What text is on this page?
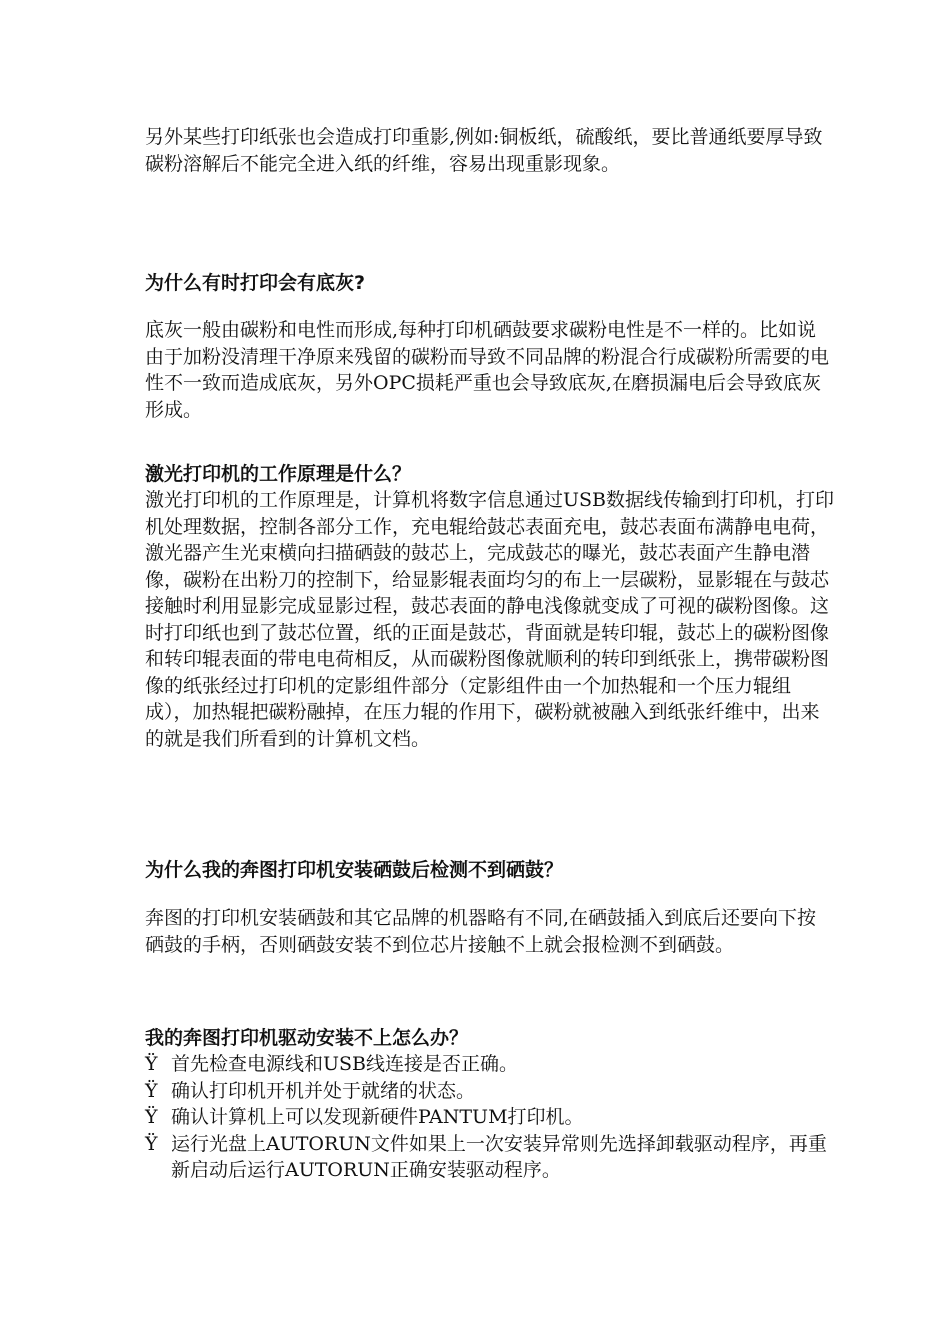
另外某些打印纸张也会造成打印重影,例如:铜板纸，硫酸纸，要比普通纸要厚导致碳粉溶解后不能完全进入纸的纤维，容易出现重影现象。
为什么有时打印会有底灰?
底灰一般由碳粉和电性而形成,每种打印机硒鼓要求碳粉电性是不一样的。比如说由于加粉没清理干净原来残留的碳粉而导致不同品牌的粉混合行成碳粉所需要的电性不一致而造成底灰，另外OPC损耗严重也会导致底灰,在磨损漏电后会导致底灰形成。
激光打印机的工作原理是什么？
激光打印机的工作原理是，计算机将数字信息通过USB数据线传输到打印机，打印机处理数据，控制各部分工作，充电辊给鼓芯表面充电，鼓芯表面布满静电电荷，激光器产生光束横向扫描硒鼓的鼓芯上，完成鼓芯的曝光，鼓芯表面产生静电潜像，碳粉在出粉刀的控制下，给显影辊表面均匀的布上一层碳粉，显影辊在与鼓芯接触时利用显影完成显影过程，鼓芯表面的静电浅像就变成了可视的碳粉图像。这时打印纸也到了鼓芯位置，纸的正面是鼓芯，背面就是转印辊，鼓芯上的碳粉图像和转印辊表面的带电电荷相反，从而碳粉图像就顺利的转印到纸张上，携带碳粉图像的纸张经过打印机的定影组件部分（定影组件由一个加热辊和一个压力辊组成），加热辊把碳粉融掉，在压力辊的作用下，碳粉就被融入到纸张纤维中，出来的就是我们所看到的计算机文档。
为什么我的奔图打印机安装硒鼓后检测不到硒鼓？
奔图的打印机安装硒鼓和其它品牌的机器略有不同,在硒鼓插入到底后还要向下按硒鼓的手柄，否则硒鼓安装不到位芯片接触不上就会报检测不到硒鼓。
我的奔图打印机驱动安装不上怎么办？
Ÿ 首先检查电源线和USB线连接是否正确。
Ÿ 确认打印机开机并处于就绪的状态。
Ÿ 确认计算机上可以发现新硬件PANTUM打印机。
Ÿ 运行光盘上AUTORUN文件如果上一次安装异常则先选择卸载驱动程序，再重新启动后运行AUTORUN正确安装驱动程序。
